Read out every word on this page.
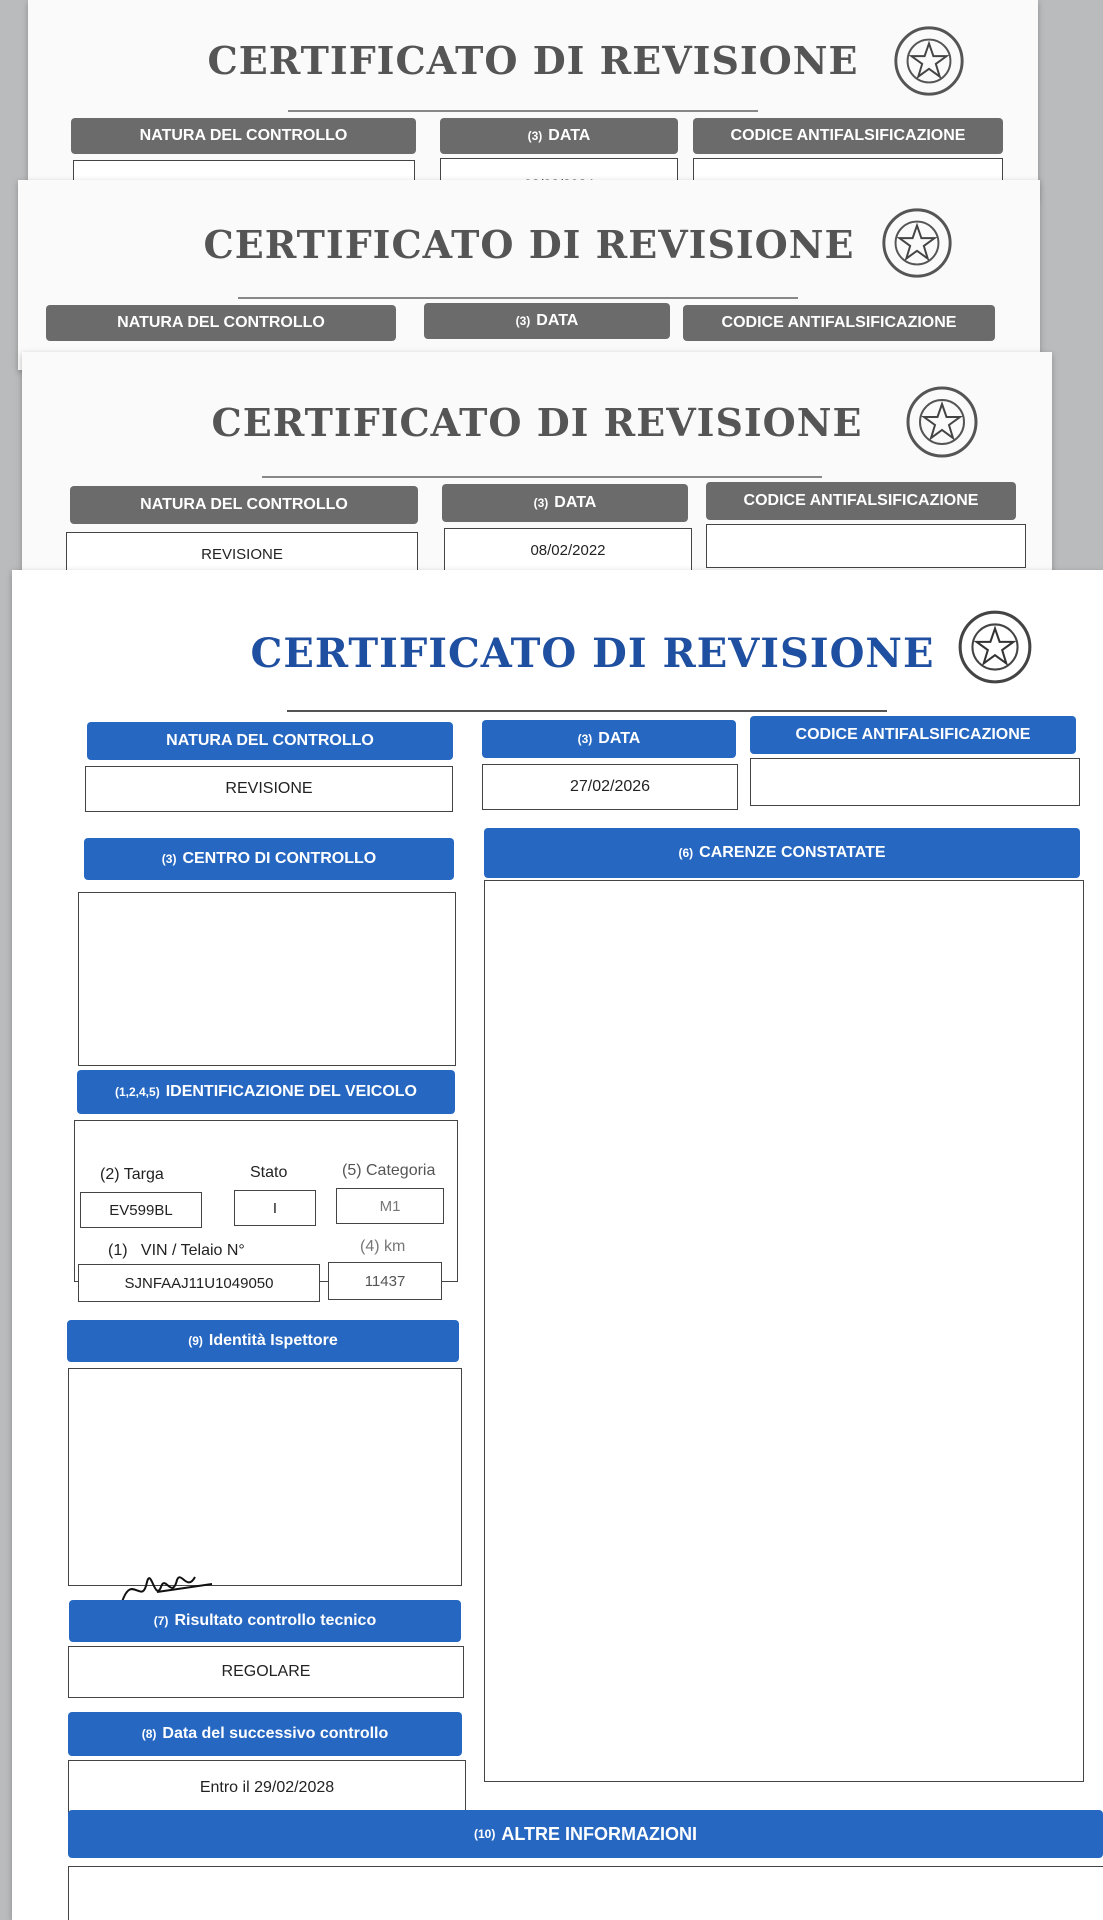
CERTIFICATO DI REVISIONE
NATURA DEL CONTROLLO	(3) DATA	CODICE ANTIFALSIFICAZIONE
CERTIFICATO DI REVISIONE
NATURA DEL CONTROLLO	(3) DATA	CODICE ANTIFALSIFICAZIONE
CERTIFICATO DI REVISIONE
NATURA DEL CONTROLLO	(3) DATA	CODICE ANTIFALSIFICAZIONE
REVISIONE	08/02/2022
CERTIFICATO DI REVISIONE
NATURA DEL CONTROLLO	(3) DATA	CODICE ANTIFALSIFICAZIONE
REVISIONE	27/02/2026
(3) CENTRO DI CONTROLLO	(6) CARENZE CONSTATATE
(1,2,4,5) IDENTIFICAZIONE DEL VEICOLO
(2) Targa	Stato	(5) Categoria
EV599BL	I	M1
(1)   VIN / Telaio N°	(4) km
SJNFAAJ11U1049050	11437
(9) Identità Ispettore
(7) Risultato controllo tecnico
REGOLARE
(8) Data del successivo controllo
Entro il 29/02/2028
(10) ALTRE INFORMAZIONI
